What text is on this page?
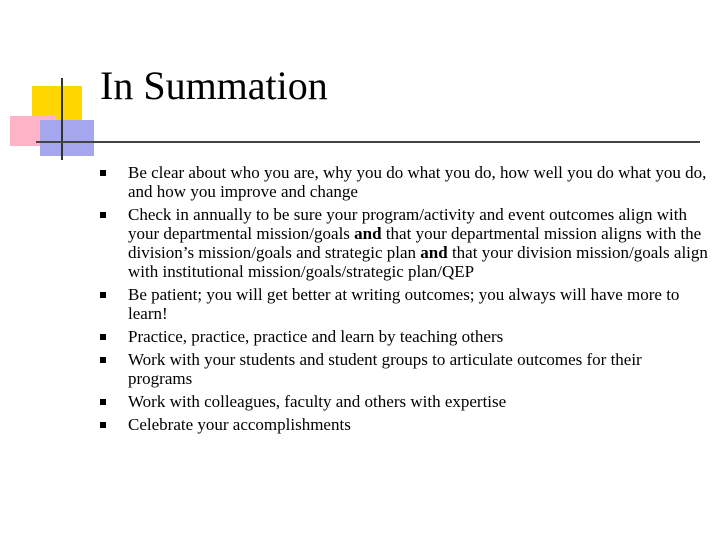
In Summation
Be clear about who you are, why you do what you do, how well you do what you do, and how you improve and change
Check in annually to be sure your program/activity and event outcomes align with your departmental mission/goals and that your departmental mission aligns with the division’s mission/goals and strategic plan and that your division mission/goals align with institutional mission/goals/strategic plan/QEP
Be patient; you will get better at writing outcomes; you always will have more to learn!
Practice, practice, practice and learn by teaching others
Work with your students and student groups to articulate outcomes for their programs
Work with colleagues, faculty and others with expertise
Celebrate your accomplishments
